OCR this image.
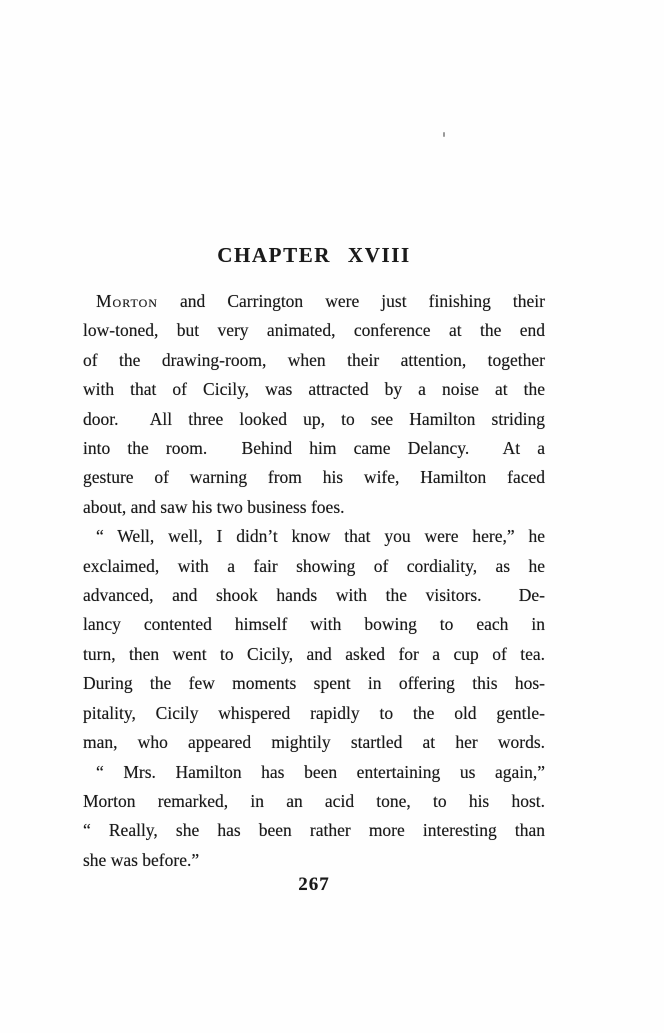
CHAPTER XVIII
Morton and Carrington were just finishing their
low-toned, but very animated, conference at the end
of the drawing-room, when their attention, together
with that of Cicily, was attracted by a noise at the
door.  All three looked up, to see Hamilton striding
into the room.  Behind him came Delancy.  At a
gesture of warning from his wife, Hamilton faced
about, and saw his two business foes.
“ Well, well, I didn’t know that you were here,” he
exclaimed, with a fair showing of cordiality, as he
advanced, and shook hands with the visitors.  De-
lancy contented himself with bowing to each in
turn, then went to Cicily, and asked for a cup of tea.
During the few moments spent in offering this hos-
pitality, Cicily whispered rapidly to the old gentle-
man, who appeared mightily startled at her words.
“ Mrs. Hamilton has been entertaining us again,”
Morton remarked, in an acid tone, to his host.
“ Really, she has been rather more interesting than
she was before.”
267
